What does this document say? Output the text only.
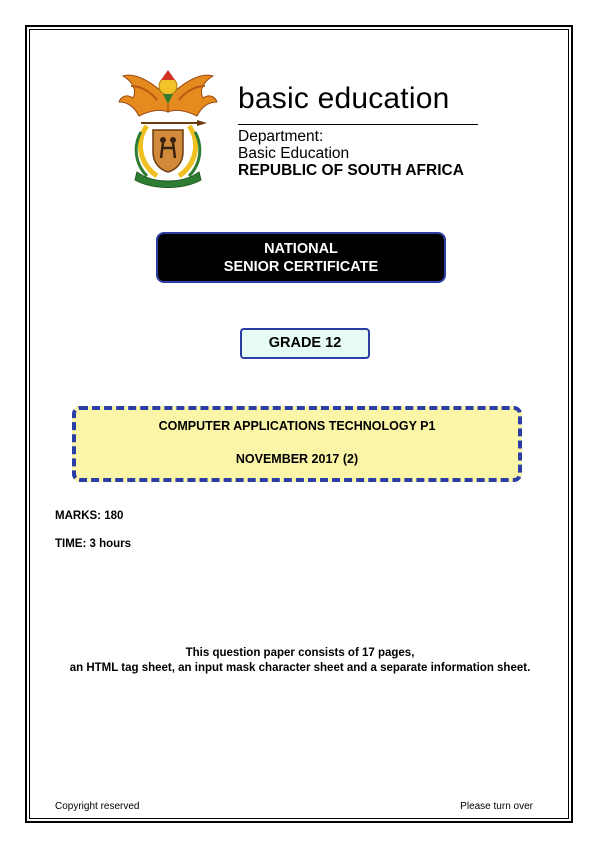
basic education
Department:
Basic Education
REPUBLIC OF SOUTH AFRICA
NATIONAL
SENIOR CERTIFICATE
GRADE 12
COMPUTER APPLICATIONS TECHNOLOGY P1
NOVEMBER 2017 (2)
MARKS: 180
TIME: 3 hours
This question paper consists of 17 pages,
an HTML tag sheet, an input mask character sheet and a separate information sheet.
Copyright reserved	Please turn over
